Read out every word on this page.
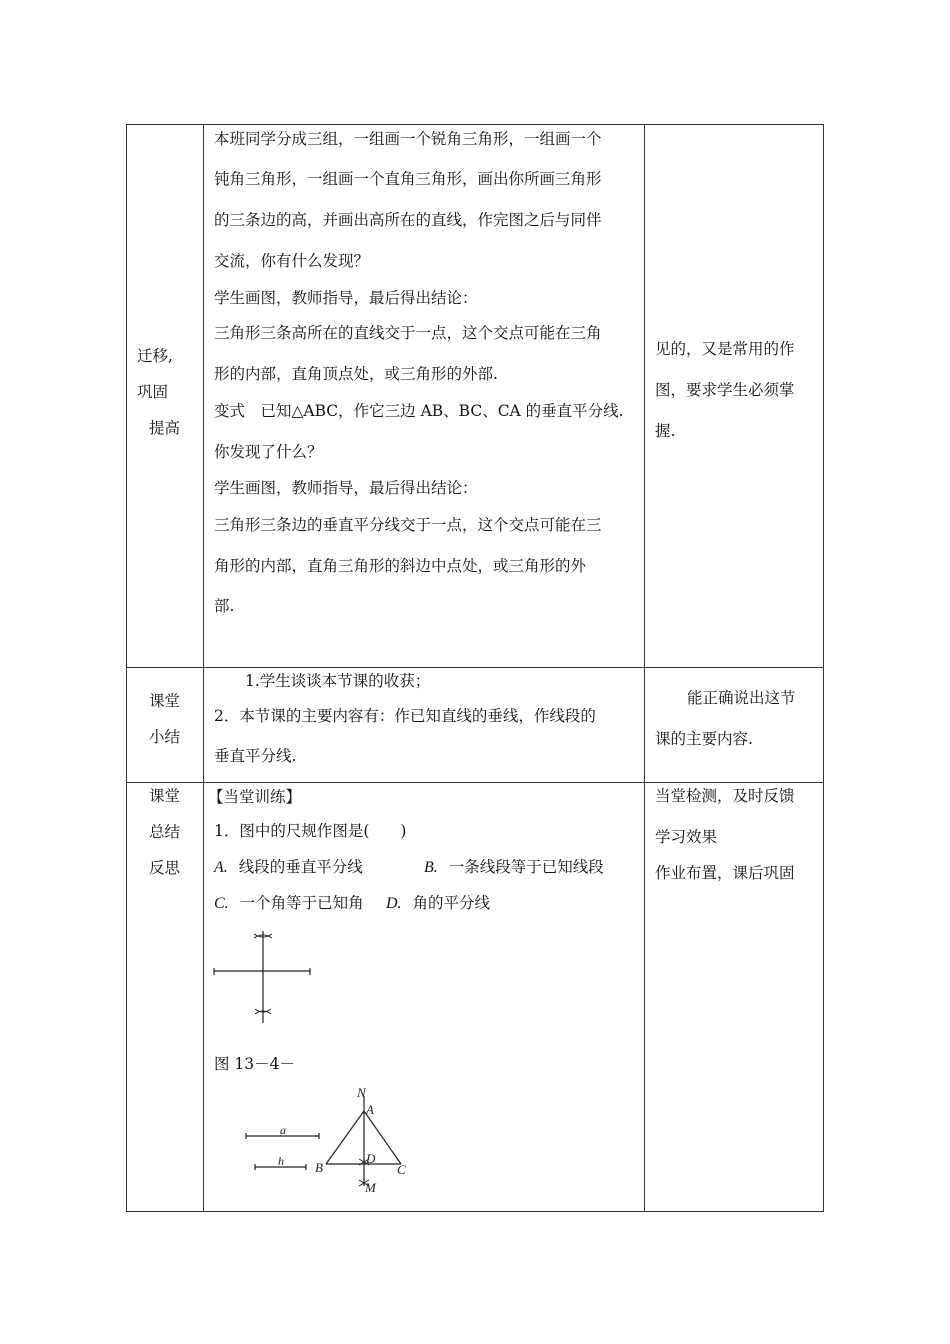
迁移,
巩固
提高
本班同学分成三组，一组画一个锐角三角形，一组画一个
钝角三角形，一组画一个直角三角形，画出你所画三角形
的三条边的高，并画出高所在的直线，作完图之后与同伴
交流，你有什么发现？
学生画图，教师指导，最后得出结论：
三角形三条高所在的直线交于一点，这个交点可能在三角
形的内部，直角顶点处，或三角形的外部.
变式　已知△ABC，作它三边 AB、BC、CA 的垂直平分线.
你发现了什么？
学生画图，教师指导，最后得出结论：
三角形三条边的垂直平分线交于一点，这个交点可能在三
角形的内部，直角三角形的斜边中点处，或三角形的外
部.
见的，又是常用的作
图，要求学生必须掌
握.
课堂
小结
1.学生谈谈本节课的收获；
2．本节课的主要内容有：作已知直线的垂线，作线段的
垂直平分线.
能正确说出这节
课的主要内容.
课堂
总结
反思
【当堂训练】
1．图中的尺规作图是(　　)
A. 线段的垂直平分线	B. 一条线段等于已知线段
C. 一个角等于已知角 D. 角的平分线
图 13－4－
a
h
N
A
B
D
C
M
当堂检测，及时反馈
学习效果
作业布置，课后巩固
